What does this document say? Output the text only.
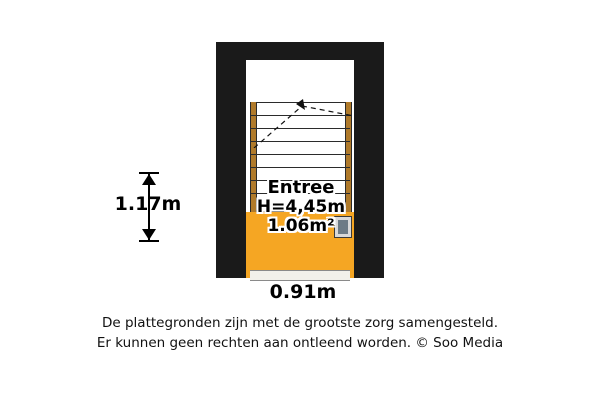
Entree
H=4,45m
1.06m²
1.17m
0.91m
De plattegronden zijn met de grootste zorg samengesteld.
Er kunnen geen rechten aan ontleend worden. © Soo Media
